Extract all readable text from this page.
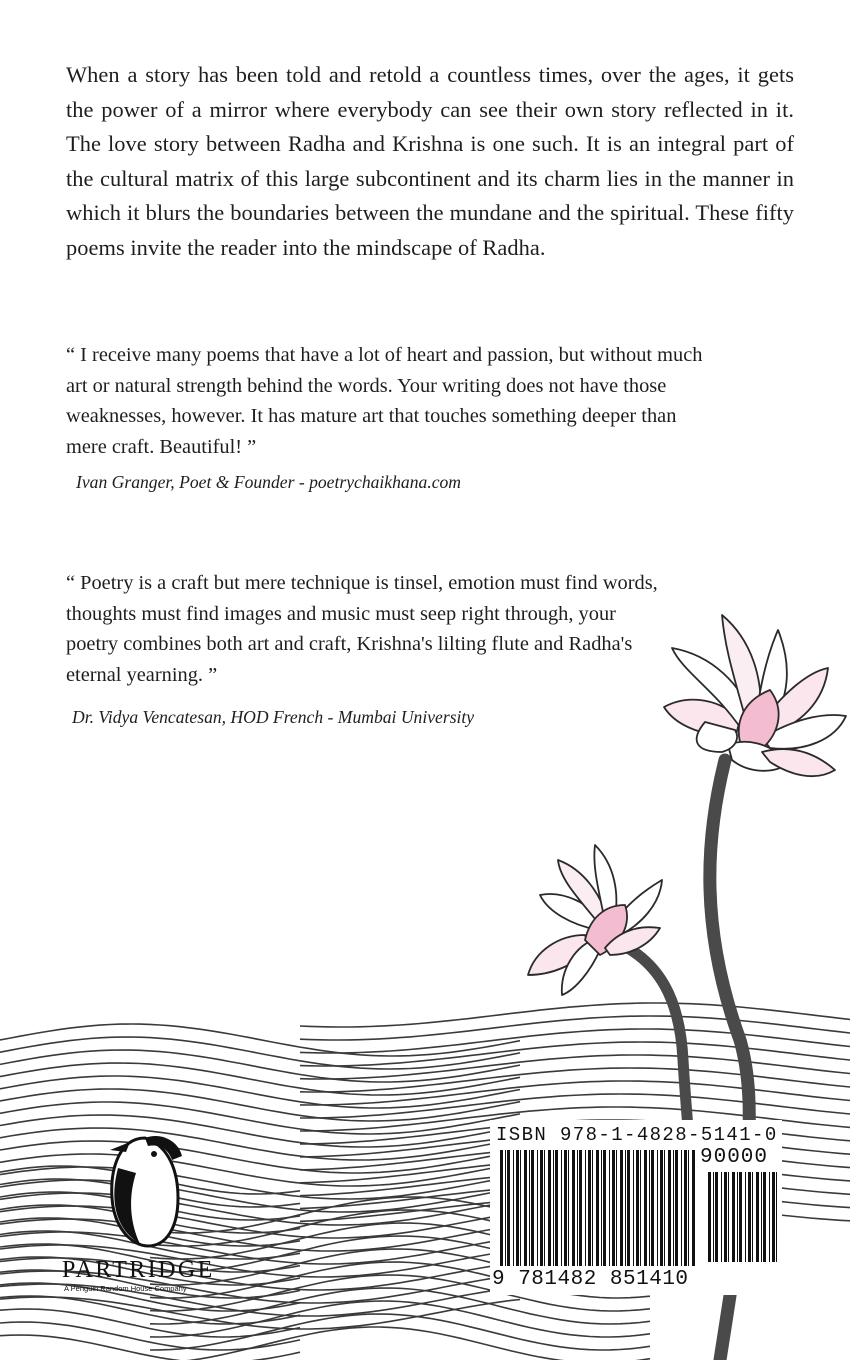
When a story has been told and retold a countless times, over the ages, it gets the power of a mirror where everybody can see their own story reflected in it. The love story between Radha and Krishna is one such. It is an integral part of the cultural matrix of this large subcontinent and its charm lies in the manner in which it blurs the boundaries between the mundane and the spiritual. These fifty poems invite the reader into the mindscape of Radha.

“ I receive many poems that have a lot of heart and passion, but without much art or natural strength behind the words. Your writing does not have those weaknesses, however. It has mature art that touches something deeper than mere craft. Beautiful! ”

Ivan Granger, Poet & Founder - poetrychaikhana.com

“ Poetry is a craft but mere technique is tinsel, emotion must find words, thoughts must find images and music must seep right through, your poetry combines both art and craft, Krishna's lilting flute and Radha's eternal yearning. ”

Dr. Vidya Vencatesan, HOD French - Mumbai University

PARTRIDGE
A Penguin Random House Company
ISBN 978-1-4828-5141-0
90000
9 781482 851410
